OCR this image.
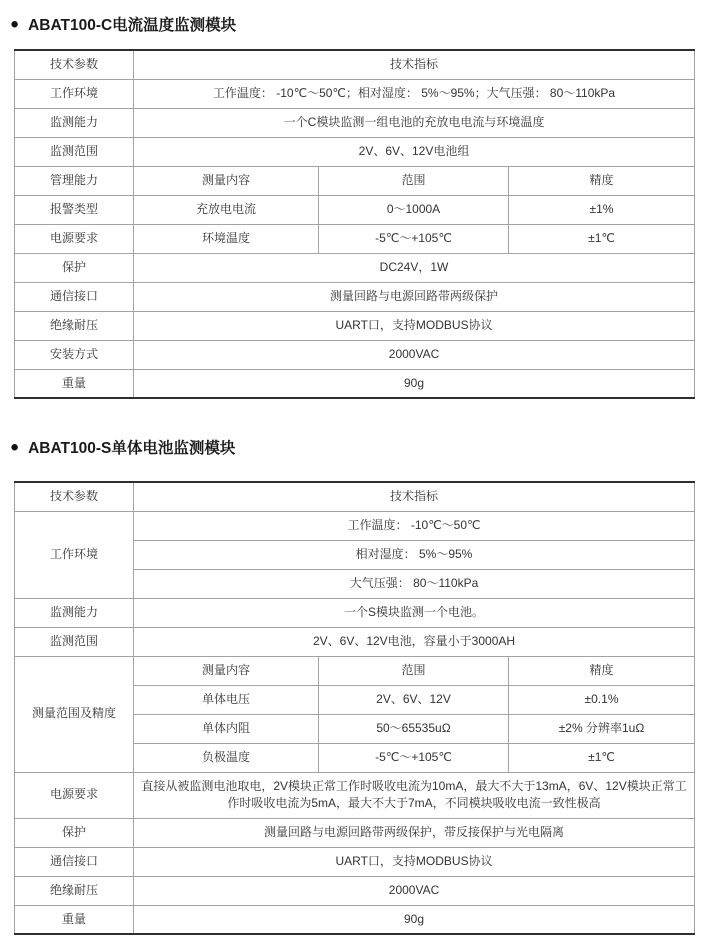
● ABAT100-C电流温度监测模块
技术参数	技术指标		
工作环境	工作温度： -10℃～50℃；相对湿度： 5%～95%；大气压强： 80～110kPa		
监测能力	一个C模块监测一组电池的充放电电流与环境温度		
监测范围	2V、6V、12V电池组		
管理能力	测量内容	范围	精度
报警类型	充放电电流	0～1000A	±1%
电源要求	环境温度	-5℃～+105℃	±1℃
保护	DC24V，1W		
通信接口	测量回路与电源回路带两级保护		
绝缘耐压	UART口，支持MODBUS协议		
安装方式	2000VAC		
重量	90g		
● ABAT100-S单体电池监测模块
技术参数	技术指标		
工作环境	工作温度： -10℃～50℃		
	相对湿度： 5%～95%		
	大气压强： 80～110kPa		
监测能力	一个S模块监测一个电池。		
监测范围	2V、6V、12V电池，容量小于3000AH		
测量范围及精度	测量内容	范围	精度
	单体电压	2V、6V、12V	±0.1%
	单体内阻	50～65535uΩ	±2% 分辨率1uΩ
	负极温度	-5℃～+105℃	±1℃
电源要求	直接从被监测电池取电，2V模块正常工作时吸收电流为10mA，最大不大于13mA，6V、12V模块正常工作时吸收电流为5mA，最大不大于7mA，不同模块吸收电流一致性极高		
保护	测量回路与电源回路带两级保护，带反接保护与光电隔离		
通信接口	UART口，支持MODBUS协议		
绝缘耐压	2000VAC		
重量	90g		
